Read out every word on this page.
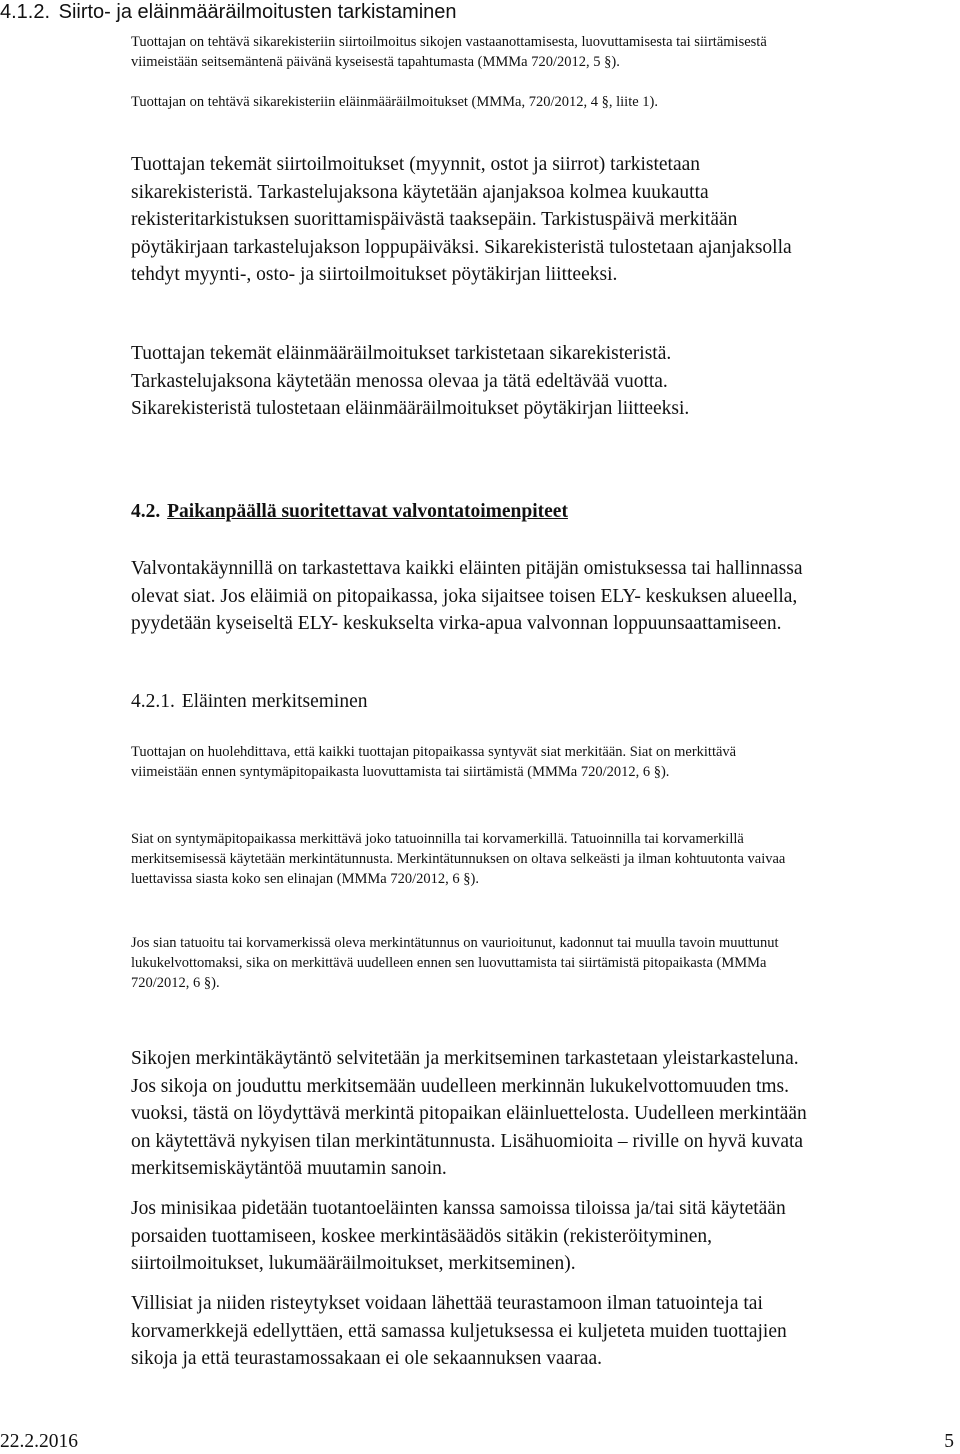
4.1.2. Siirto- ja eläinmääräilmoitusten tarkistaminen
Tuottajan on tehtävä sikarekisteriin siirtoilmoitus sikojen vastaanottamisesta, luovuttamisesta tai siirtämisestä
viimeistään seitsemäntenä päivänä kyseisestä tapahtumasta (MMMa 720/2012, 5 §).
Tuottajan on tehtävä sikarekisteriin eläinmääräilmoitukset (MMMa, 720/2012, 4 §, liite 1).
Tuottajan tekemät siirtoilmoitukset (myynnit, ostot ja siirrot) tarkistetaan
sikarekisteristä. Tarkastelujaksona käytetään ajanjaksoa kolmea kuukautta
rekisteritarkistuksen suorittamispäivästä taaksepäin. Tarkistuspäivä merkitään
pöytäkirjaan tarkastelujakson loppupäiväksi. Sikarekisteristä tulostetaan ajanjaksolla
tehdyt myynti-, osto- ja siirtoilmoitukset pöytäkirjan liitteeksi.
Tuottajan tekemät eläinmääräilmoitukset tarkistetaan sikarekisteristä.
Tarkastelujaksona käytetään menossa olevaa ja tätä edeltävää vuotta.
Sikarekisteristä tulostetaan eläinmääräilmoitukset pöytäkirjan liitteeksi.
4.2. Paikanpäällä suoritettavat valvontatoimenpiteet
Valvontakäynnillä on tarkastettava kaikki eläinten pitäjän omistuksessa tai hallinnassa
olevat siat. Jos eläimiä on pitopaikassa, joka sijaitsee toisen ELY- keskuksen alueella,
pyydetään kyseiseltä ELY- keskukselta virka-apua valvonnan loppuunsaattamiseen.
4.2.1. Eläinten merkitseminen
Tuottajan on huolehdittava, että kaikki tuottajan pitopaikassa syntyvät siat merkitään. Siat on merkittävä
viimeistään ennen syntymäpitopaikasta luovuttamista tai siirtämistä (MMMa 720/2012, 6 §).
Siat on syntymäpitopaikassa merkittävä joko tatuoinnilla tai korvamerkillä. Tatuoinnilla tai korvamerkillä
merkitsemisessä käytetään merkintätunnusta. Merkintätunnuksen on oltava selkeästi ja ilman kohtuutonta vaivaa
luettavissa siasta koko sen elinajan (MMMa 720/2012, 6 §).
Jos sian tatuoitu tai korvamerkissä oleva merkintätunnus on vaurioitunut, kadonnut tai muulla tavoin muuttunut
lukukelvottomaksi, sika on merkittävä uudelleen ennen sen luovuttamista tai siirtämistä pitopaikasta (MMMa
720/2012, 6 §).
Sikojen merkintäkäytäntö selvitetään ja merkitseminen tarkastetaan yleistarkasteluna.
Jos sikoja on jouduttu merkitsemään uudelleen merkinnän lukukelvottomuuden tms.
vuoksi, tästä on löydyttävä merkintä pitopaikan eläinluettelosta. Uudelleen merkintään
on käytettävä nykyisen tilan merkintätunnusta. Lisähuomioita – riville on hyvä kuvata
merkitsemiskäytäntöä muutamin sanoin.
Jos minisikaa pidetään tuotantoeläinten kanssa samoissa tiloissa ja/tai sitä käytetään
porsaiden tuottamiseen, koskee merkintäsäädös sitäkin (rekisteröityminen,
siirtoilmoitukset, lukumääräilmoitukset, merkitseminen).
Villisiat ja niiden risteytykset voidaan lähettää teurastamoon ilman tatuointeja tai
korvamerkkejä edellyttäen, että samassa kuljetuksessa ei kuljeteta muiden tuottajien
sikoja ja että teurastamossakaan ei ole sekaannuksen vaaraa.
22.2.2016	5
